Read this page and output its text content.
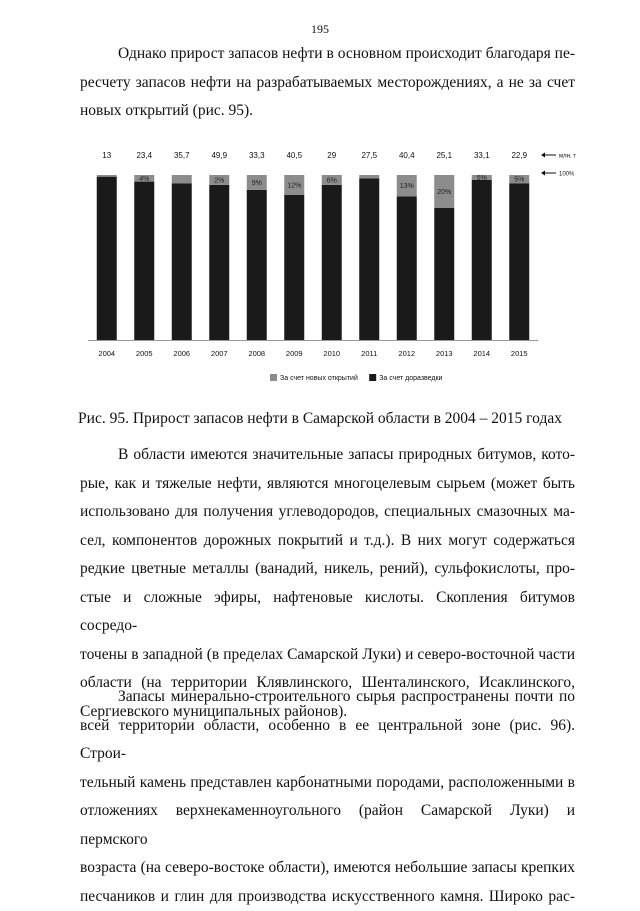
195
Однако прирост запасов нефти в основном происходит благодаря пе-
ресчету запасов нефти на разрабатываемых месторождениях, а не за счет
новых открытий (рис. 95).
13
2004
4%
23,4
2005
35,7
2006
2%
49,9
2007
9%
33,3
2008
12%
40,5
2009
6%
29
2010
27,5
2011
13%
40,4
2012
20%
25,1
2013
5%
33,1
2014
5%
22,9
2015
млн. т
100%
За счет новых открытий	За счет доразведки
Рис. 95. Прирост запасов нефти в Самарской области в 2004 – 2015 годах
В области имеются значительные запасы природных битумов, кото-
рые, как и тяжелые нефти, являются многоцелевым сырьем (может быть
использовано для получения углеводородов, специальных смазочных ма-
сел, компонентов дорожных покрытий и т.д.). В них могут содержаться
редкие цветные металлы (ванадий, никель, рений), сульфокислоты, про-
стые и сложные эфиры, нафтеновые кислоты. Скопления битумов сосредо-
точены в западной (в пределах Самарской Луки) и северо-восточной части
области (на территории Клявлинского, Шенталинского, Исаклинского,
Сергиевского муниципальных районов).
Запасы минерально-строительного сырья распространены почти по
всей территории области, особенно в ее центральной зоне (рис. 96). Строи-
тельный камень представлен карбонатными породами, расположенными в
отложениях верхнекаменноугольного (район Самарской Луки) и пермского
возраста (на северо-востоке области), имеются небольшие запасы крепких
песчаников и глин для производства искусственного камня. Широко рас-
